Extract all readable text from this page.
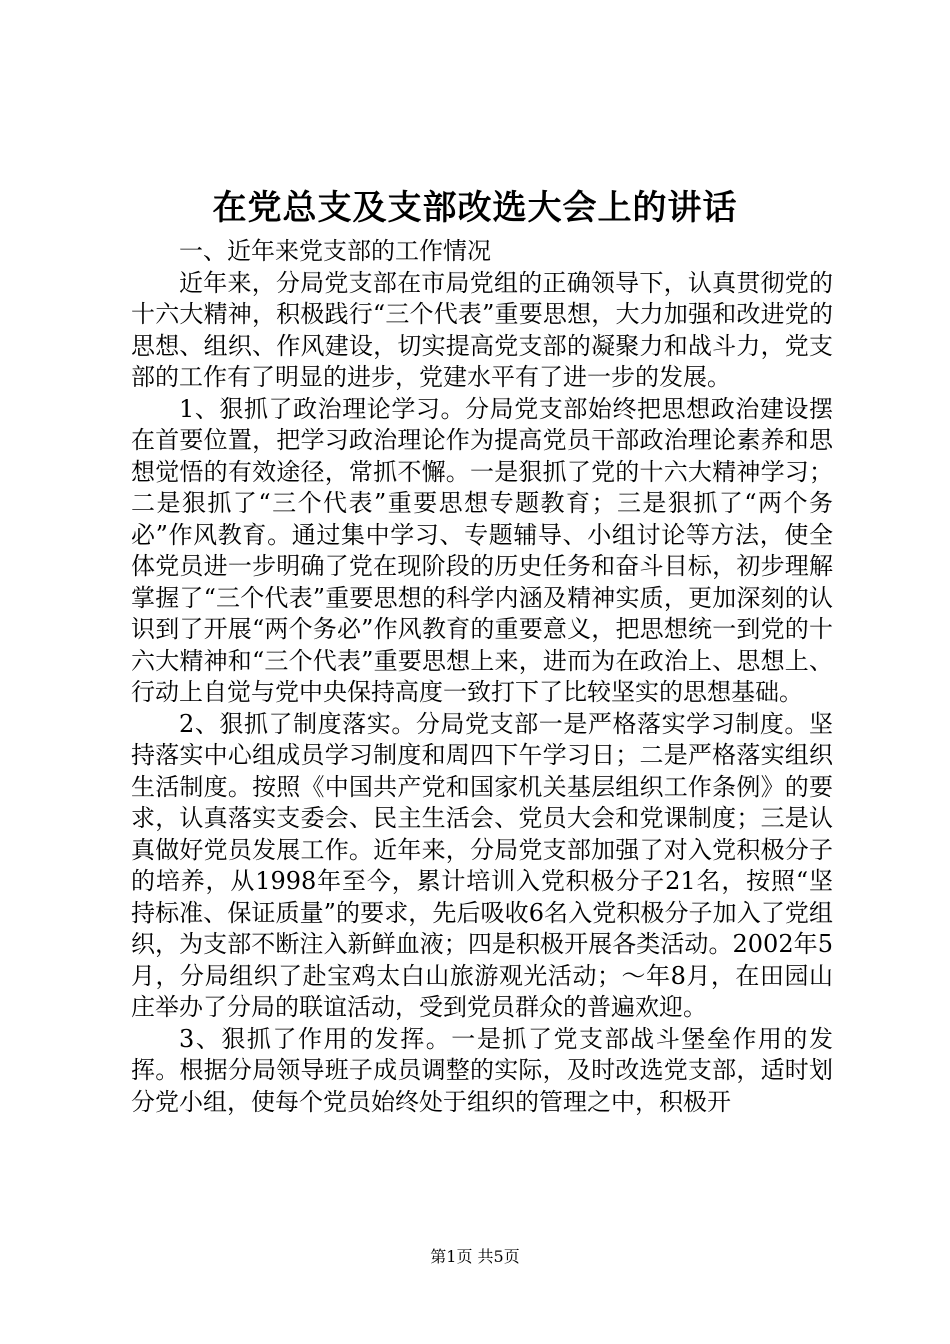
在党总支及支部改选大会上的讲话

一、近年来党支部的工作情况

近年来，分局党支部在市局党组的正确领导下，认真贯彻党的十六大精神，积极践行“三个代表”重要思想，大力加强和改进党的思想、组织、作风建设，切实提高党支部的凝聚力和战斗力，党支部的工作有了明显的进步，党建水平有了进一步的发展。

1、狠抓了政治理论学习。分局党支部始终把思想政治建设摆在首要位置，把学习政治理论作为提高党员干部政治理论素养和思想觉悟的有效途径，常抓不懈。一是狠抓了党的十六大精神学习；二是狠抓了“三个代表”重要思想专题教育；三是狠抓了“两个务必”作风教育。通过集中学习、专题辅导、小组讨论等方法，使全体党员进一步明确了党在现阶段的历史任务和奋斗目标，初步理解掌握了“三个代表”重要思想的科学内涵及精神实质，更加深刻的认识到了开展“两个务必”作风教育的重要意义，把思想统一到党的十六大精神和“三个代表”重要思想上来，进而为在政治上、思想上、行动上自觉与党中央保持高度一致打下了比较坚实的思想基础。

2、狠抓了制度落实。分局党支部一是严格落实学习制度。坚持落实中心组成员学习制度和周四下午学习日；二是严格落实组织生活制度。按照《中国共产党和国家机关基层组织工作条例》的要求，认真落实支委会、民主生活会、党员大会和党课制度；三是认真做好党员发展工作。近年来，分局党支部加强了对入党积极分子的培养，从1998年至今，累计培训入党积极分子21名，按照“坚持标准、保证质量”的要求，先后吸收6名入党积极分子加入了党组织，为支部不断注入新鲜血液；四是积极开展各类活动。2002年5月，分局组织了赴宝鸡太白山旅游观光活动；～年8月，在田园山庄举办了分局的联谊活动，受到党员群众的普遍欢迎。

3、狠抓了作用的发挥。一是抓了党支部战斗堡垒作用的发挥。根据分局领导班子成员调整的实际，及时改选党支部，适时划分党小组，使每个党员始终处于组织的管理之中，积极开

第1页 共5页
